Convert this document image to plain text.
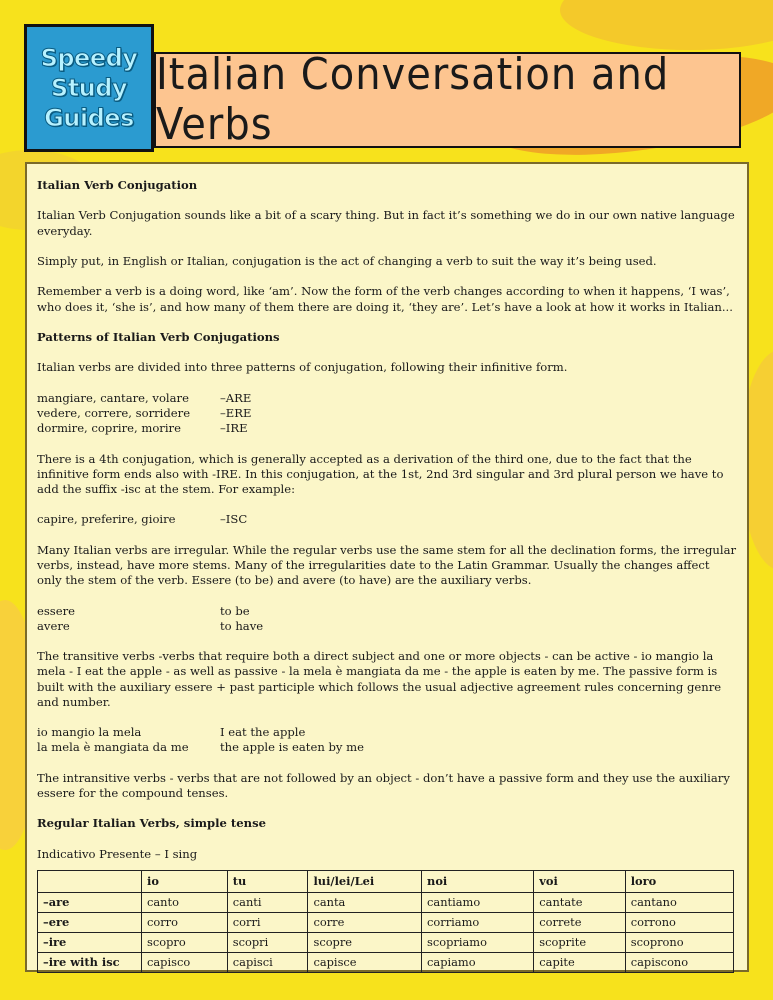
Speedy
Study
Guides
Italian Conversation and Verbs
Italian Verb Conjugation

Italian Verb Conjugation sounds like a bit of a scary thing. But in fact it’s something we do in our own native language everyday.

Simply put, in English or Italian, conjugation is the act of changing a verb to suit the way it’s being used.

Remember a verb is a doing word, like ‘am’. Now the form of the verb changes according to when it happens, ‘I was’, who does it, ‘she is’, and how many of them there are doing it, ‘they are’. Let’s have a look at how it works in Italian...

Patterns of Italian Verb Conjugations

Italian verbs are divided into three patterns of conjugation, following their infinitive form.

mangiare, cantare, volare	–ARE
vedere, correre, sorridere	–ERE
dormire, coprire, morire	–IRE

There is a 4th conjugation, which is generally accepted as a derivation of the third one, due to the fact that the infinitive form ends also with -IRE. In this conjugation, at the 1st, 2nd 3rd singular and 3rd plural person we have to add the suffix -isc at the stem. For example:

capire, preferire, gioire	–ISC

Many Italian verbs are irregular. While the regular verbs use the same stem for all the declination forms, the irregular verbs, instead, have more stems. Many of the irregularities date to the Latin Grammar. Usually the changes affect only the stem of the verb. Essere (to be) and avere (to have) are the auxiliary verbs.

essere	to be
avere	to have

The transitive verbs -verbs that require both a direct subject and one or more objects - can be active - io mangio la mela - I eat the apple - as well as passive - la mela è mangiata da me - the apple is eaten by me. The passive form is built with the auxiliary essere + past participle which follows the usual adjective agreement rules concerning genre and number.

io mangio la mela	I eat the apple
la mela è mangiata da me	the apple is eaten by me

The intransitive verbs - verbs that are not followed by an object - don’t have a passive form and they use the auxiliary essere for the compound tenses.

Regular Italian Verbs, simple tense

Indicativo Presente – I sing

	io	tu	lui/lei/Lei	noi	voi	loro
–are	canto	canti	canta	cantiamo	cantate	cantano
–ere	corro	corri	corre	corriamo	correte	corrono
–ire	scopro	scopri	scopre	scopriamo	scoprite	scoprono
–ire with isc	capisco	capisci	capisce	capiamo	capite	capiscono
